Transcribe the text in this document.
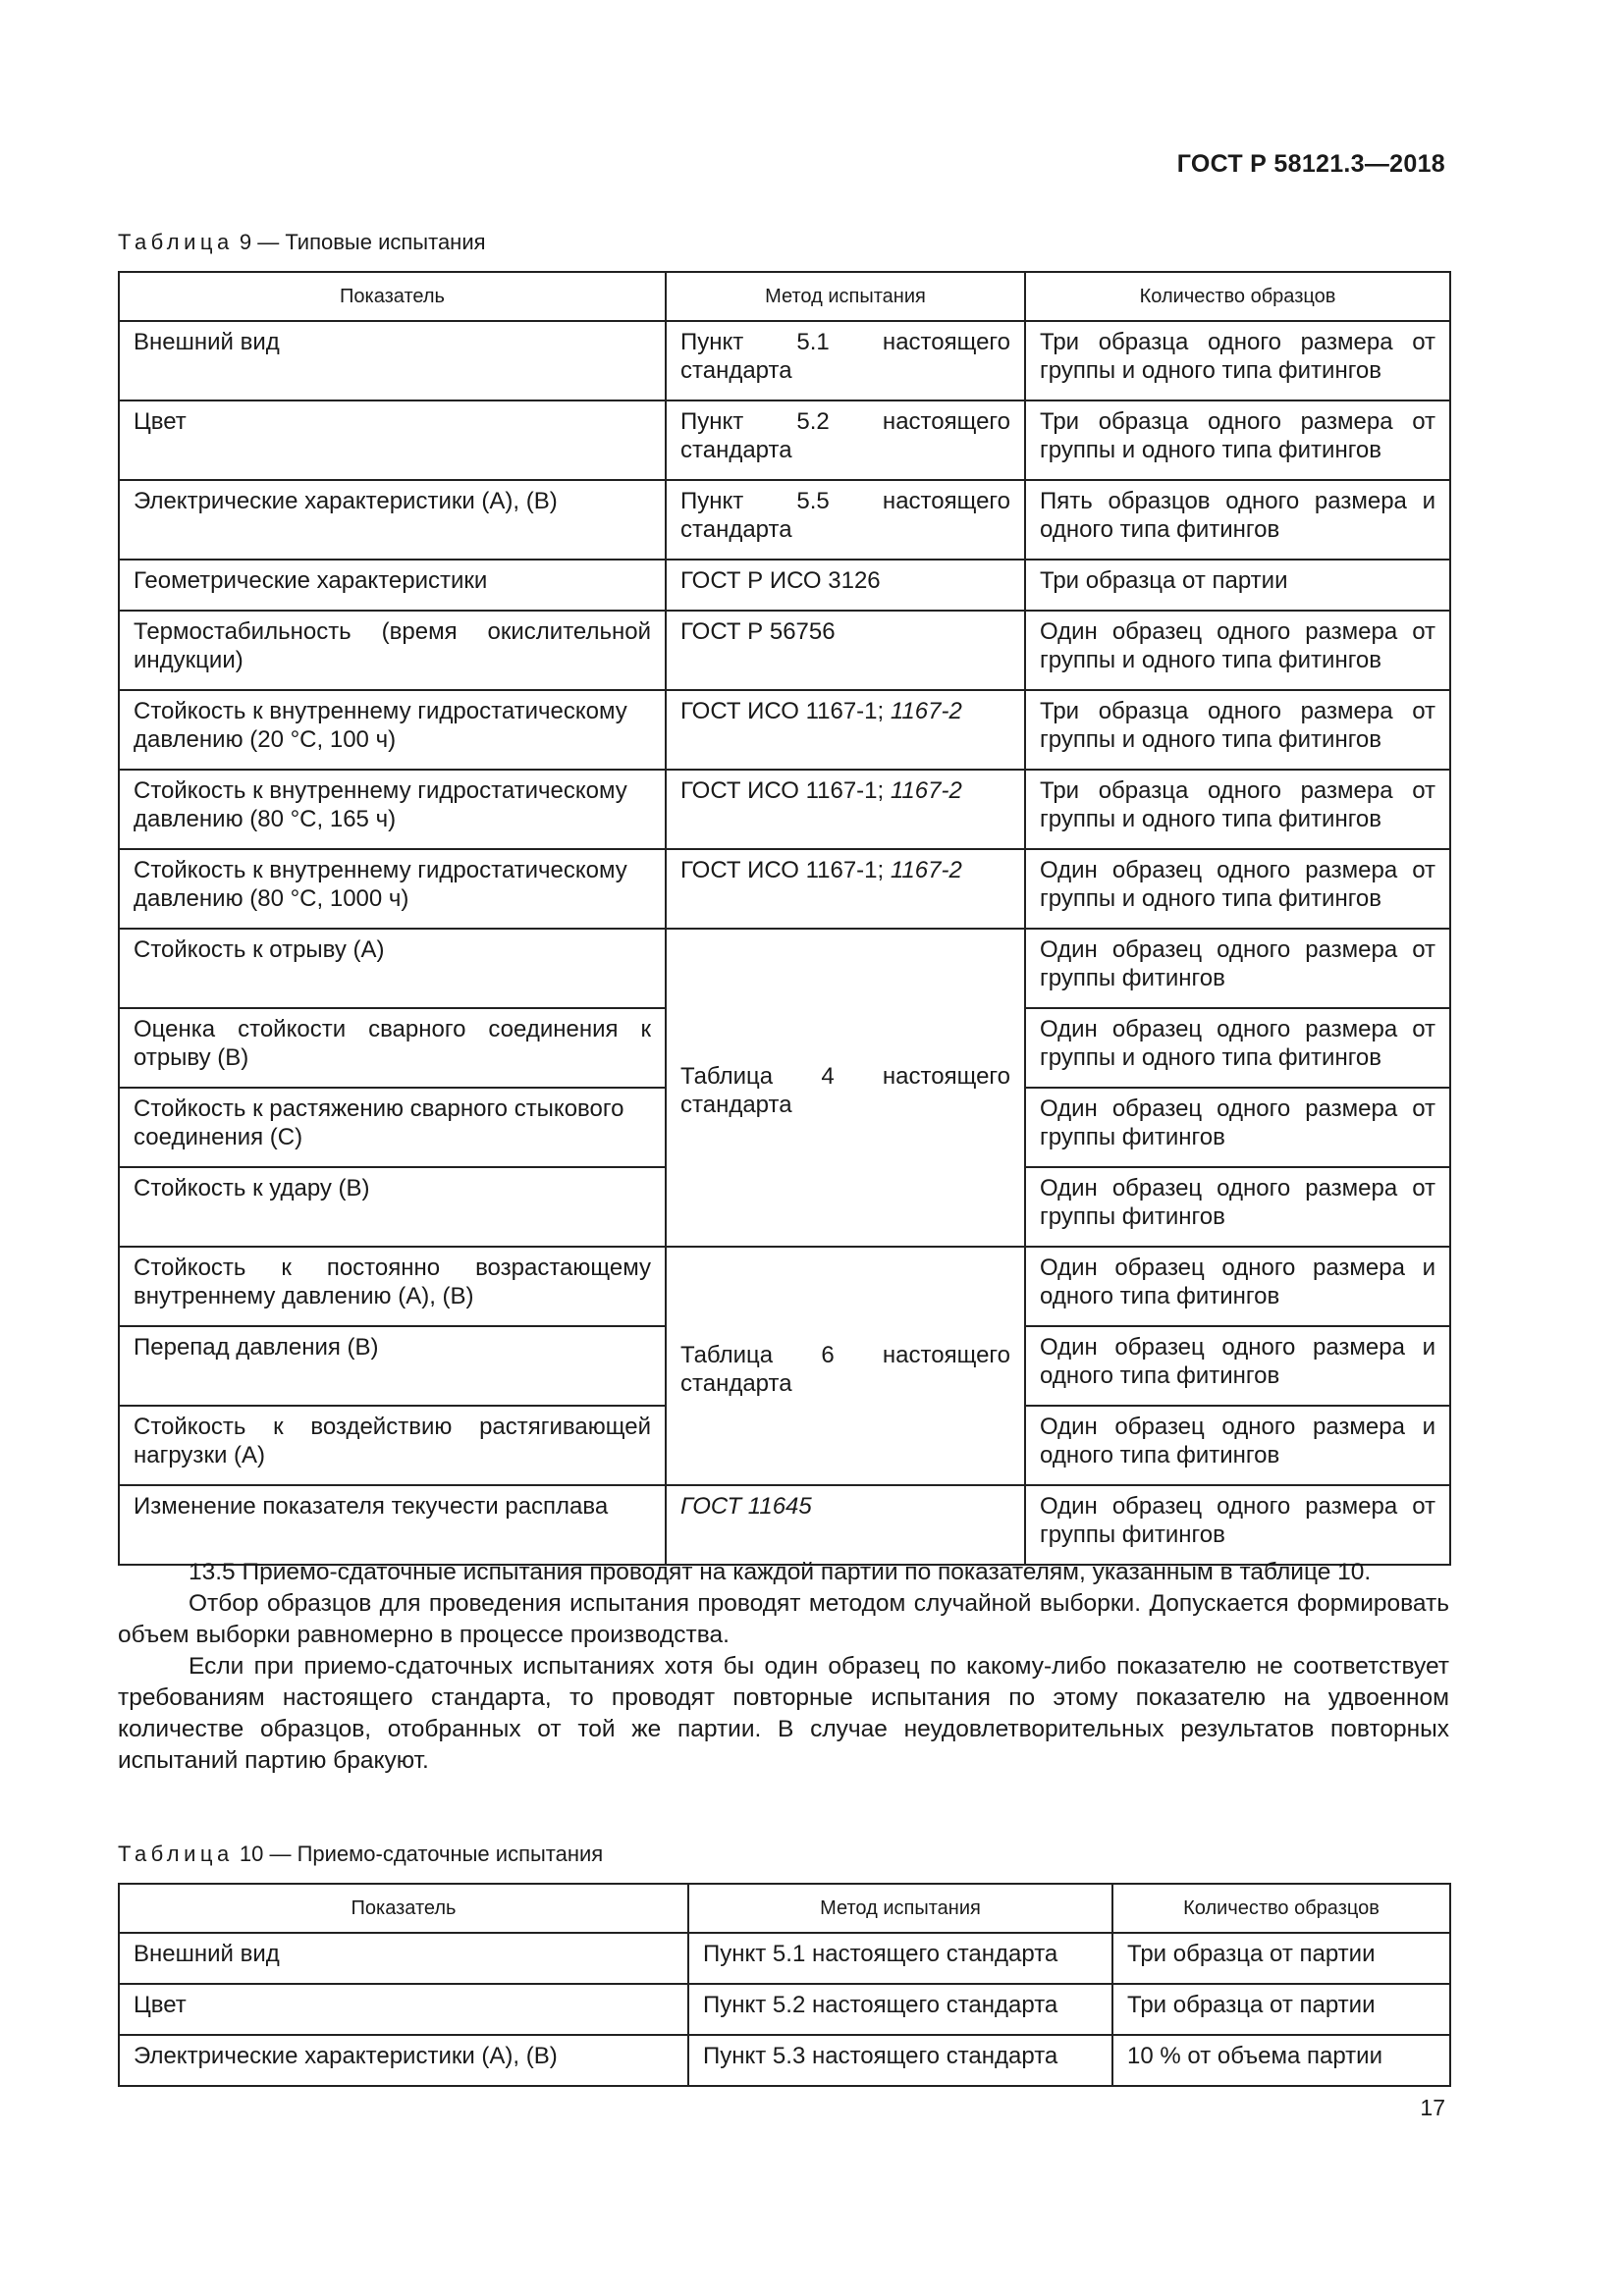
ГОСТ Р 58121.3—2018
Таблица 9 — Типовые испытания
Показатель	Метод испытания	Количество образцов
Внешний вид	Пункт 5.1 настоящего стандарта	Три образца одного размера от группы и одного типа фитингов
Цвет	Пункт 5.2 настоящего стандарта	Три образца одного размера от группы и одного типа фитингов
Электрические характеристики (А), (В)	Пункт 5.5 настоящего стандарта	Пять образцов одного размера и одного типа фитингов
Геометрические характеристики	ГОСТ Р ИСО 3126	Три образца от партии
Термостабильность (время окислительной индукции)	ГОСТ Р 56756	Один образец одного размера от группы и одного типа фитингов
Стойкость к внутреннему гидростатическому давлению (20 °С, 100 ч)	ГОСТ ИСО 1167-1; 1167-2	Три образца одного размера от группы и одного типа фитингов
Стойкость к внутреннему гидростатическому давлению (80 °С, 165 ч)	ГОСТ ИСО 1167-1; 1167-2	Три образца одного размера от группы и одного типа фитингов
Стойкость к внутреннему гидростатическому давлению (80 °С, 1000 ч)	ГОСТ ИСО 1167-1; 1167-2	Один образец одного размера от группы и одного типа фитингов
Стойкость к отрыву (А)	Таблица 4 настоящего стандарта	Один образец одного размера от группы фитингов
Оценка стойкости сварного соединения к отрыву (В)		Один образец одного размера от группы и одного типа фитингов
Стойкость к растяжению сварного стыкового соединения (С)		Один образец одного размера от группы фитингов
Стойкость к удару (В)		Один образец одного размера от группы фитингов
Стойкость к постоянно возрастающему внутреннему давлению (А), (В)	Таблица 6 настоящего стандарта	Один образец одного размера и одного типа фитингов
Перепад давления (В)		Один образец одного размера и одного типа фитингов
Стойкость к воздействию растягивающей нагрузки (А)		Один образец одного размера и одного типа фитингов
Изменение показателя текучести расплава	ГОСТ 11645	Один образец одного размера от группы фитингов

13.5 Приемо-сдаточные испытания проводят на каждой партии по показателям, указанным в таблице 10.

Отбор образцов для проведения испытания проводят методом случайной выборки. Допускается формировать объем выборки равномерно в процессе производства.

Если при приемо-сдаточных испытаниях хотя бы один образец по какому-либо показателю не соответствует требованиям настоящего стандарта, то проводят повторные испытания по этому показателю на удвоенном количестве образцов, отобранных от той же партии. В случае неудовлетворительных результатов повторных испытаний партию бракуют.

Таблица 10 — Приемо-сдаточные испытания
Показатель	Метод испытания	Количество образцов
Внешний вид	Пункт 5.1 настоящего стандарта	Три образца от партии
Цвет	Пункт 5.2 настоящего стандарта	Три образца от партии
Электрические характеристики (А), (В)	Пункт 5.3 настоящего стандарта	10 % от объема партии
17
